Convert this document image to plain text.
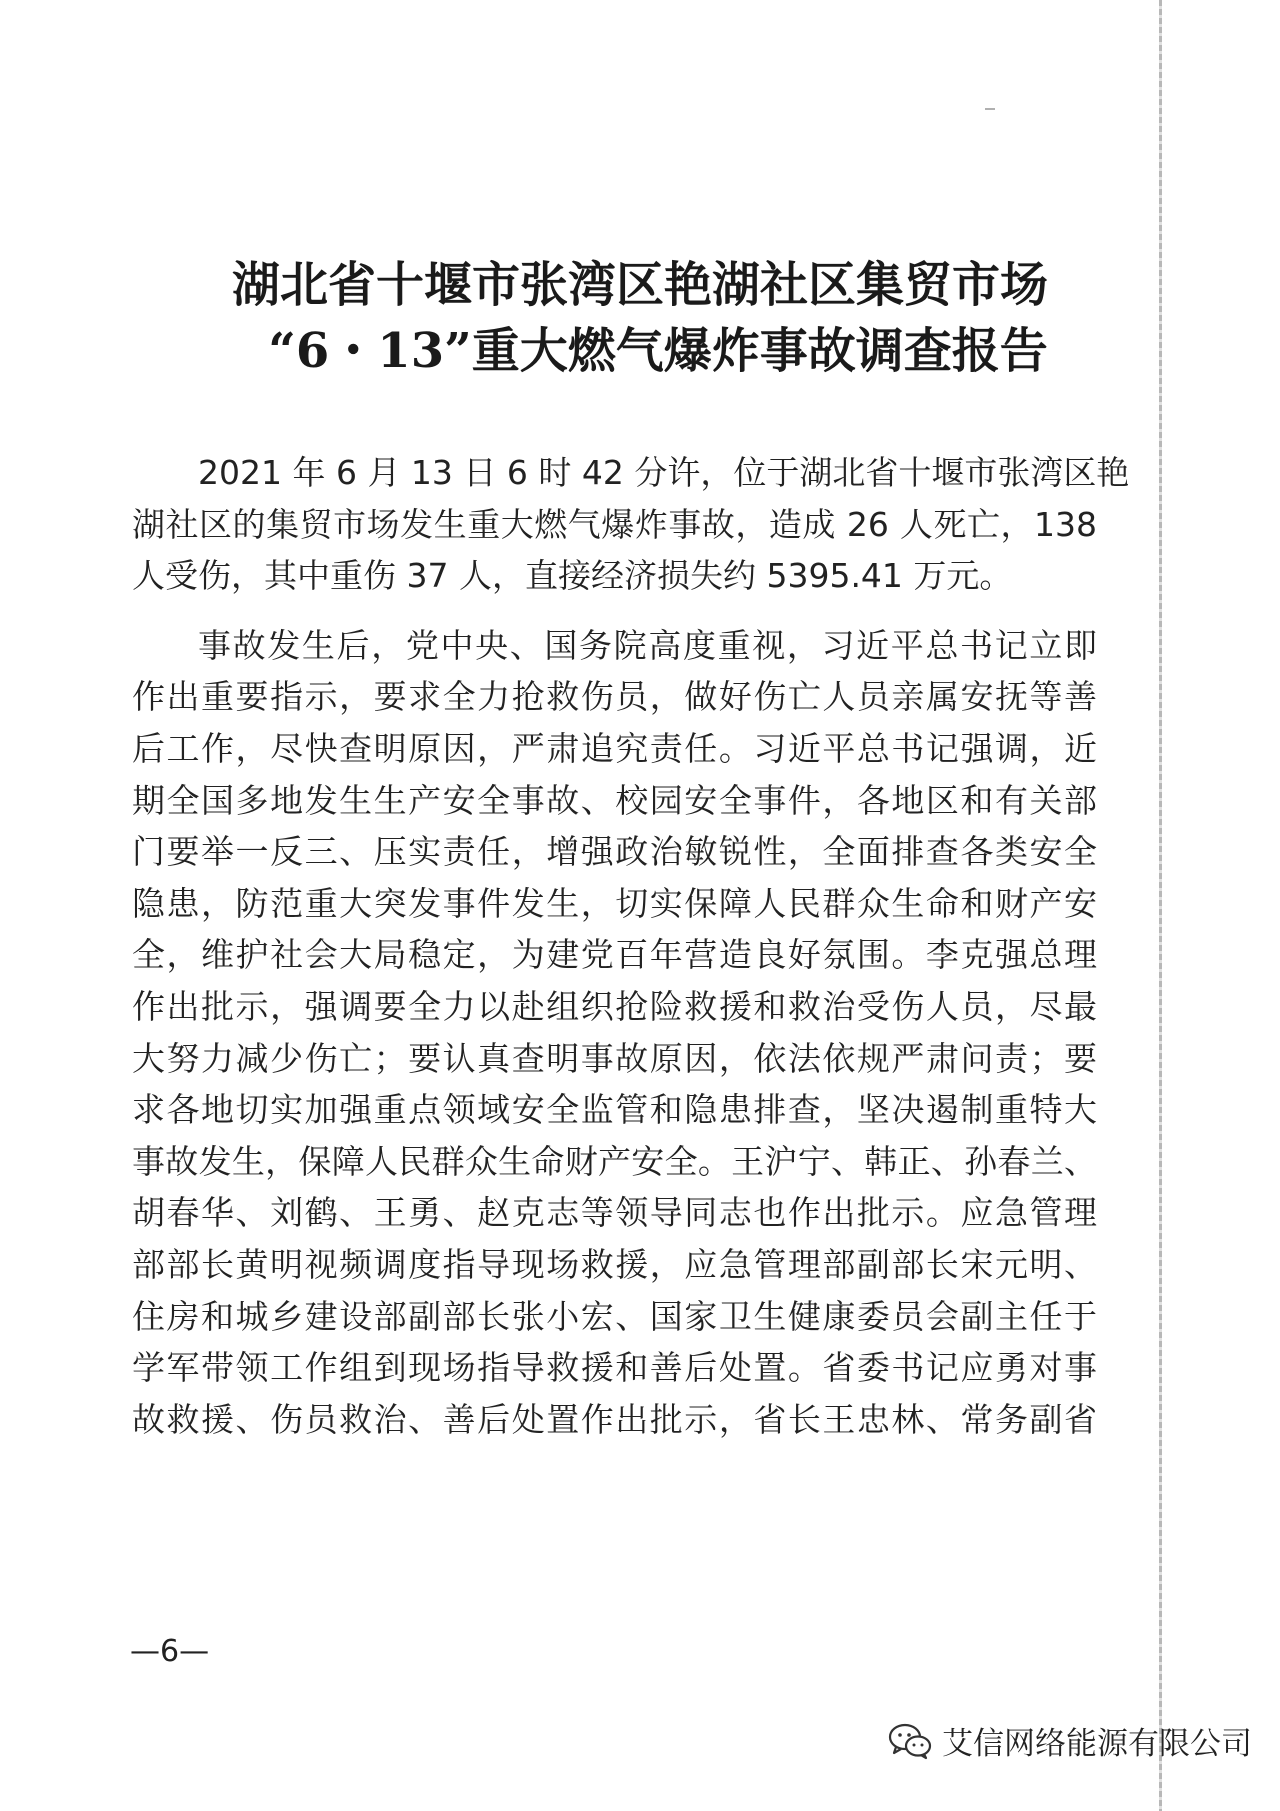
湖北省十堰市张湾区艳湖社区集贸市场
“6・13”重大燃气爆炸事故调查报告
2021 年 6 月 13 日 6 时 42 分许，位于湖北省十堰市张湾区艳
湖社区的集贸市场发生重大燃气爆炸事故，造成 26 人死亡，138
人受伤，其中重伤 37 人，直接经济损失约 5395.41 万元。
事故发生后，党中央、国务院高度重视，习近平总书记立即
作出重要指示，要求全力抢救伤员，做好伤亡人员亲属安抚等善
后工作，尽快查明原因，严肃追究责任。习近平总书记强调，近
期全国多地发生生产安全事故、校园安全事件，各地区和有关部
门要举一反三、压实责任，增强政治敏锐性，全面排查各类安全
隐患，防范重大突发事件发生，切实保障人民群众生命和财产安
全，维护社会大局稳定，为建党百年营造良好氛围。李克强总理
作出批示，强调要全力以赴组织抢险救援和救治受伤人员，尽最
大努力减少伤亡；要认真查明事故原因，依法依规严肃问责；要
求各地切实加强重点领域安全监管和隐患排查，坚决遏制重特大
事故发生，保障人民群众生命财产安全。王沪宁、韩正、孙春兰、
胡春华、刘鹤、王勇、赵克志等领导同志也作出批示。应急管理
部部长黄明视频调度指导现场救援，应急管理部副部长宋元明、
住房和城乡建设部副部长张小宏、国家卫生健康委员会副主任于
学军带领工作组到现场指导救援和善后处置。省委书记应勇对事
故救援、伤员救治、善后处置作出批示，省长王忠林、常务副省
—6—
艾信网络能源有限公司
